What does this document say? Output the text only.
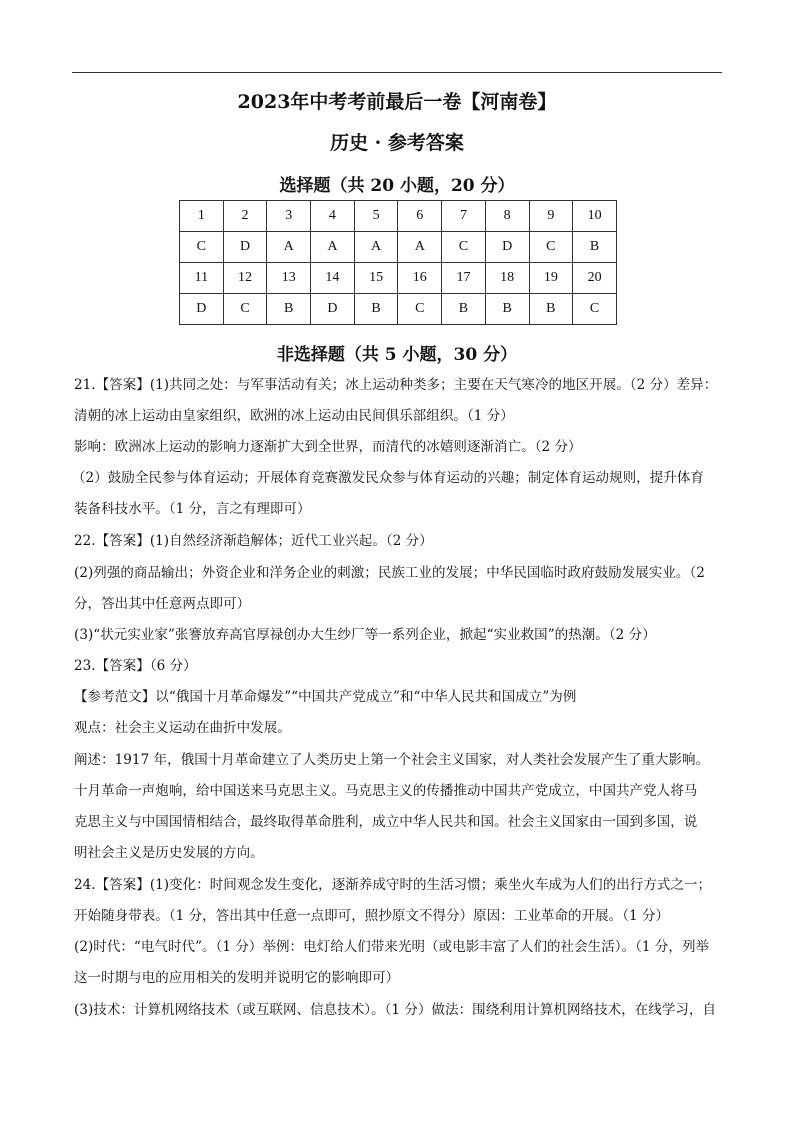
2023年中考考前最后一卷【河南卷】
历史 · 参考答案
选择题（共 20 小题，20 分）
1	2	3	4	5	6	7	8	9	10
C	D	A	A	A	A	C	D	C	B
11	12	13	14	15	16	17	18	19	20
D	C	B	D	B	C	B	B	B	C
非选择题（共 5 小题，30 分）
21.【答案】(1)共同之处：与军事活动有关；冰上运动种类多；主要在天气寒冷的地区开展。（2 分）差异：
清朝的冰上运动由皇家组织，欧洲的冰上运动由民间俱乐部组织。（1 分）
影响：欧洲冰上运动的影响力逐渐扩大到全世界，而清代的冰嬉则逐渐消亡。（2 分）
（2）鼓励全民参与体育运动；开展体育竞赛激发民众参与体育运动的兴趣；制定体育运动规则，提升体育
装备科技水平。（1 分，言之有理即可）
22.【答案】(1)自然经济渐趋解体；近代工业兴起。（2 分）
(2)列强的商品输出；外资企业和洋务企业的刺激；民族工业的发展；中华民国临时政府鼓励发展实业。（2
分，答出其中任意两点即可）
(3)“状元实业家”张謇放弃高官厚禄创办大生纱厂等一系列企业，掀起“实业救国”的热潮。（2 分）
23.【答案】（6 分）
【参考范文】以“俄国十月革命爆发”“中国共产党成立”和“中华人民共和国成立”为例
观点：社会主义运动在曲折中发展。
阐述：1917 年，俄国十月革命建立了人类历史上第一个社会主义国家，对人类社会发展产生了重大影响。
十月革命一声炮响，给中国送来马克思主义。马克思主义的传播推动中国共产党成立，中国共产党人将马
克思主义与中国国情相结合，最终取得革命胜利，成立中华人民共和国。社会主义国家由一国到多国，说
明社会主义是历史发展的方向。
24.【答案】(1)变化：时间观念发生变化，逐渐养成守时的生活习惯；乘坐火车成为人们的出行方式之一；
开始随身带表。（1 分，答出其中任意一点即可，照抄原文不得分）原因：工业革命的开展。（1 分）
(2)时代：“电气时代”。（1 分）举例：电灯给人们带来光明（或电影丰富了人们的社会生活）。（1 分，列举
这一时期与电的应用相关的发明并说明它的影响即可）
(3)技术：计算机网络技术（或互联网、信息技术）。（1 分）做法：围绕利用计算机网络技术，在线学习，自
